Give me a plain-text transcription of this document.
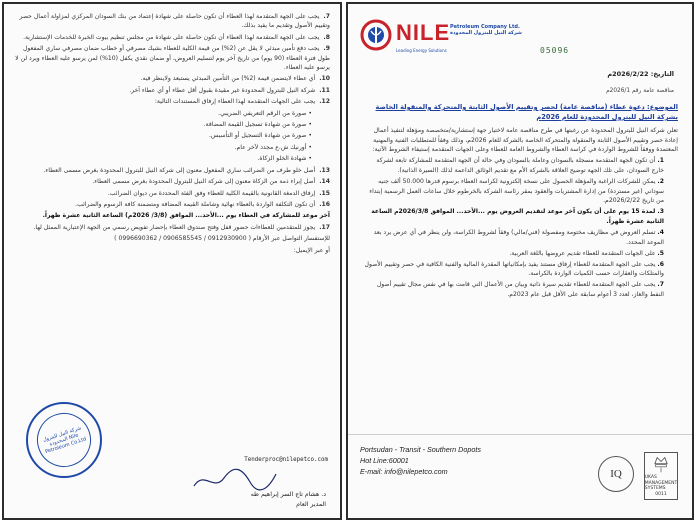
7. يجب على الجهة المتقدمة لهذا العطاء أن تكون حاصلة على شهادة إعتماد من بنك السودان المركزي لمزاولة أعمال حصر وتقييم الأصول وتقديم ما يفيد بذلك.

8. يجب على الجهة المتقدمة لهذا العطاء أن تكون حاصلة على شهادة من مجلس تنظيم بيوت الخبرة للخدمات الإستشارية.

9. يجب دفع تأمين مبدئي لا يقل عن (2%) من قيمة الكلية للعطاء بشيك مصرفي أو خطاب ضمان مصرفي ساري المفعول طول فترة العطاء (90 يوم) من تاريخ آخر يوم لتسليم العروض، أو ضمان نقدي يكفل (10%) لمن يرسو عليه العطاء ويرد لن لا يرسو عليه العطاء.

10. أي عطاء لايتضمن قيمة (2%) من التأمين المبدئي يستبعد ولاينظر فيه.

11. شركة النيل للبترول المحدودة غير مقيدة بقبول أقل عطاء أو أي عطاء آخر.

12. يجب على الجهات المتقدمة لهذا العطاء إرفاق المستندات التالية:

• صورة من الرقم التعريفي الضريبي.

• صورة من شهادة تسجيل القيمة المضافة.

• صورة من شهادة التسجيل أو التأسيس.

• أورنيك ش.ع مجدد لآخر عام.

• شهادة الخلو الزكاة.

13. أصل خلو طرف من الضرائب ساري المفعول معنون إلى شركة النيل للبترول المحدودة بغرض مسمى العطاء.

14. أصل إبراء ذمة من الزكاة معنون إلى شركة النيل للبترول المحدودة بغرض مسمى العطاء.

15. إرفاق الدمغة القانونية بالقيمة الكلية للعطاء وفق الفئة المحددة من ديوان الضرائب.

16. أن تكون التكلفة الواردة بالعطاء نهائية وشاملة القيمة المضافة ومتضمنة كافة الرسوم والضرائب.

آخر موعد للمشاركة في العطاء يوم ...الأحد... الموافق (3/8/ 2026م) الساعة الثانية عشرة ظهراً.

17. يجوز للمتقدمين للعطاءات حضور قفل وفتح صندوق العطاء بإحضار تفويض رسمي من الجهة الإعتبارية الممثل لها.

للإستفسار التواصل عبر الأرقام ( 0912930900 / 0906585545 / 0996690362 )

أو عبر الإيميل:

Tenderproc@nilepetco.com
د. هشام تاج السر إبراهيم طه
المدير العام
شركة النيل للبترول المحدودة Nile Petroleum Co.Ltd
NILE Petroleum Company Ltd.
شركة النيل للبترول المحدودة
Leading Energy Solutions	05096
التاريخ: 2026/2/22م
مناقصة عامة رقم 2026/1م
الموضوع: دعوة عطاء (مناقصة عامة) لحصر وتقييم الأصول الثابتة والمتحركة والمنقولة الخاصة بشركة النيل للبترول المحدودة للعام 2026م

تعلن شركة النيل للبترول المحدودة عن رغبتها في طرح مناقصة عامة لاختيار جهة إستشارية/متخصصة ومؤهلة لتنفيذ أعمال إعادة حصر وتقييم الأصول الثابتة والمنقولة والمتحركة الخاصة بالشركة للعام 2026م، وذلك وفقاً للمتطلبات الفنية والمهنية المعتمدة ووفقاً للشروط الواردة في كراسة العطاء والشروط العامة للعطاء وعلى الجهات المتقدمة إستيفاء الشروط الآتية:

1. أن تكون الجهة المتقدمة مسجلة بالسودان وعاملة بالسودان وفي حالة أن الجهة المتقدمة للمشاركة تابعة لشركة خارج السودان، على تلك الجهة توضيح العلاقة بالشركة الأم مع تقديم الوثائق الداعمة لذلك (السيرة الذاتية).

2. يمكن للشركات الراغبة والمؤهلة الحصول على نسخة إلكترونية لكراسة العطاء برسوم قدرها 50.000 ألف جنيه سوداني (غير مستردة) من إدارة المشتريات والعقود بمقر رئاسة الشركة بالخرطوم خلال ساعات العمل الرسمية إبتداء من تاريخ 2026/2/22م.

3. لمدة 15 يوم على أن يكون آخر موعد لتقديم العروض يوم ...الأحد... الموافق 2026/3/8م الساعة الثانية عشرة ظهراً.

4. تسلم العروض في مظاريف مختومة ومفصولة (فني/مالي) وفقاً لشروط الكراسة، ولن ينظر في أي عرض يرد بعد الموعد المحدد.

5. على الجهات المتقدمة للعطاء تقديم عروضها باللغة العربية.

6. يجب على الجهة المتقدمة للعطاء إرفاق مستند يفيد بإمكانياتها المقدرة المالية والفنية الكافية في حصر وتقييم الأصول والمتلكات والعقارات حسب الكميات الواردة بالكراسة.

7. يجب على الجهة المتقدمة للعطاء تقديم سيرة ذاتية وبيان من الأعمال التي قامت بها في نفس مجال تقييم أصول النفط والغاز، لعدد 3 أعوام سابقة على الأقل قبل عام 2023م.

Portsudan - Transit - Southern Dopots
Hot Line:60001
E-mail: info@nilepetco.com	IQ	UKAS MANAGEMENT SYSTEMS
0011
